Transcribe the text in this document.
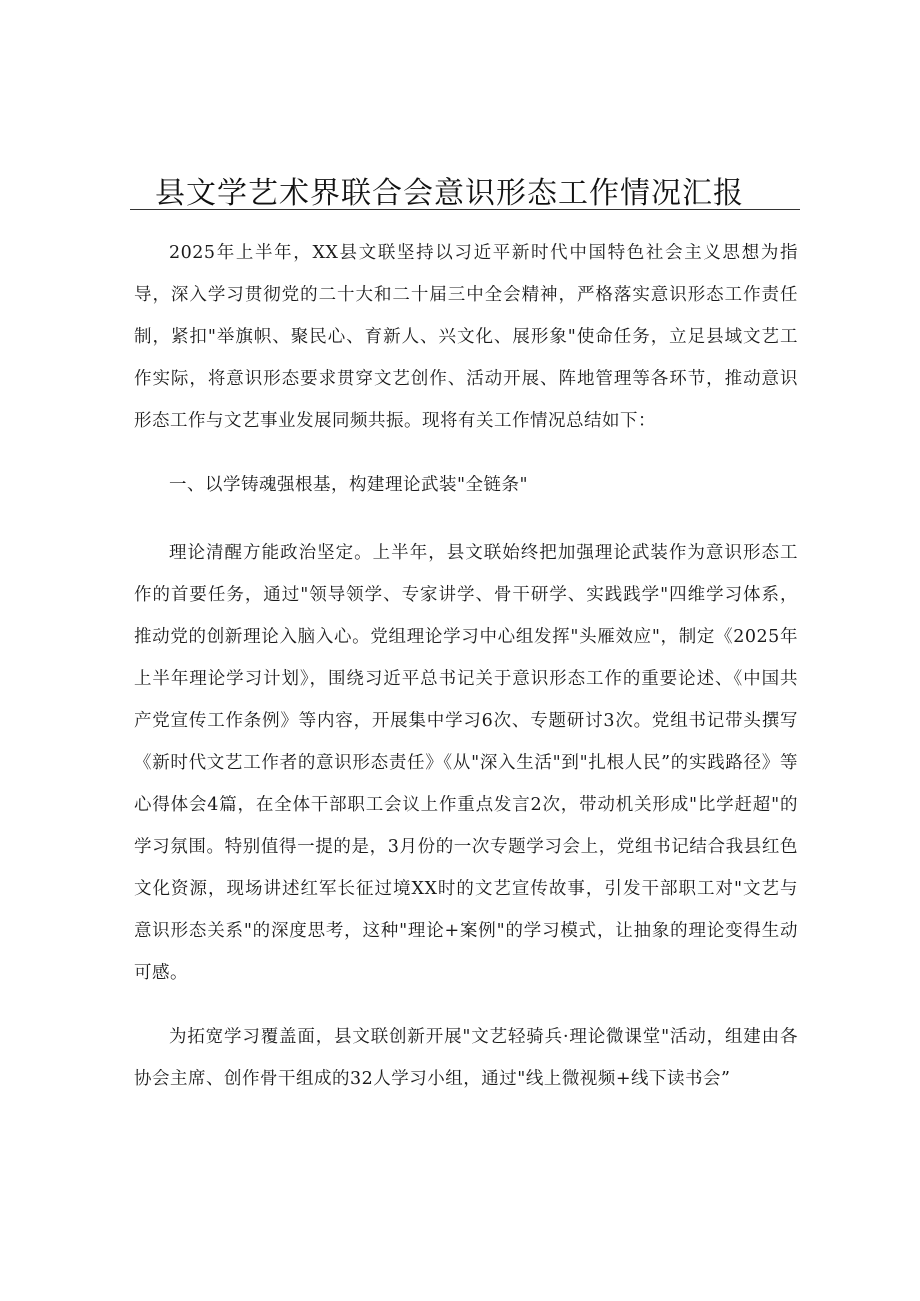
县文学艺术界联合会意识形态工作情况汇报

2025年上半年，XX县文联坚持以习近平新时代中国特色社会主义思想为指导，深入学习贯彻党的二十大和二十届三中全会精神，严格落实意识形态工作责任制，紧扣"举旗帜、聚民心、育新人、兴文化、展形象"使命任务，立足县域文艺工作实际，将意识形态要求贯穿文艺创作、活动开展、阵地管理等各环节，推动意识形态工作与文艺事业发展同频共振。现将有关工作情况总结如下：

一、以学铸魂强根基，构建理论武装"全链条"

理论清醒方能政治坚定。上半年，县文联始终把加强理论武装作为意识形态工作的首要任务，通过"领导领学、专家讲学、骨干研学、实践践学"四维学习体系，推动党的创新理论入脑入心。党组理论学习中心组发挥"头雁效应"，制定《2025年上半年理论学习计划》，围绕习近平总书记关于意识形态工作的重要论述、《中国共产党宣传工作条例》等内容，开展集中学习6次、专题研讨3次。党组书记带头撰写《新时代文艺工作者的意识形态责任》《从"深入生活"到"扎根人民”的实践路径》等心得体会4篇，在全体干部职工会议上作重点发言2次，带动机关形成"比学赶超"的学习氛围。特别值得一提的是，3月份的一次专题学习会上，党组书记结合我县红色文化资源，现场讲述红军长征过境XX时的文艺宣传故事，引发干部职工对"文艺与意识形态关系"的深度思考，这种"理论+案例"的学习模式，让抽象的理论变得生动可感。

为拓宽学习覆盖面，县文联创新开展"文艺轻骑兵·理论微课堂"活动，组建由各协会主席、创作骨干组成的32人学习小组，通过"线上微视频+线下读书会”
